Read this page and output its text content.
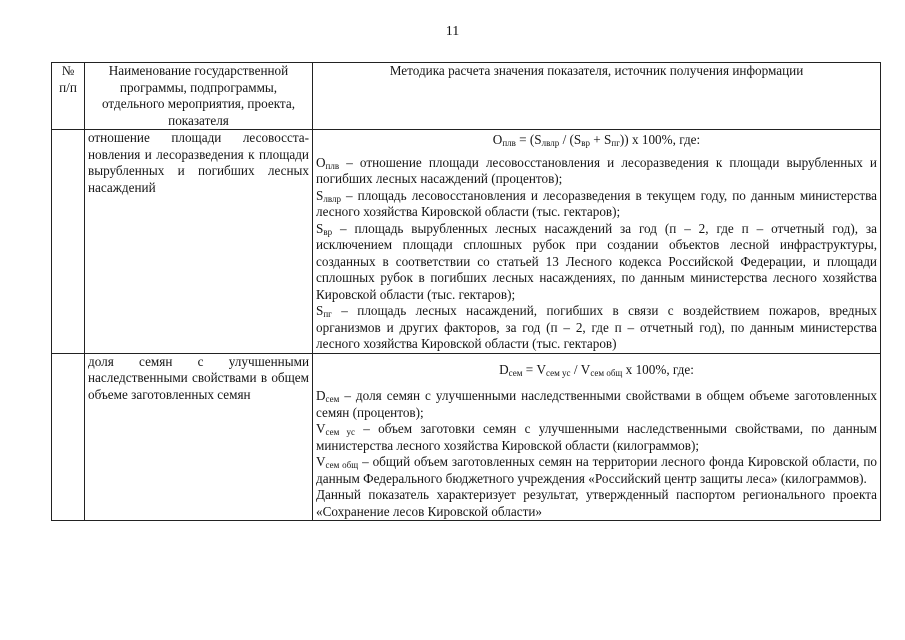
11
№ п/п	Наименование государственной программы, подпрограммы, отдельного мероприятия, проекта, показателя	Методика расчета значения показателя, источник получения информации
	отношение площади лесовосста-новления и лесоразведения к площади вырубленных и погибших лесных насаждений	$O_{плв} = (S_{лвлр} / (S_{вр} + S_{пг}))$ x 100%, где:

$O_{плв}$ – отношение площади лесовосстановления и лесоразведения к площади вырубленных и погибших лесных насаждений (процентов);

$S_{лвлр}$ – площадь лесовосстановления и лесоразведения в текущем году, по данным министерства лесного хозяйства Кировской области (тыс. гектаров);

$S_{вр}$ – площадь вырубленных лесных насаждений за год (п – 2, где п – отчетный год), за исключением площади сплошных рубок при создании объектов лесной инфраструктуры, созданных в соответствии со статьей 13 Лесного кодекса Российской Федерации, и площади сплошных рубок в погибших лесных насаждениях, по данным министерства лесного хозяйства Кировской области (тыс. гектаров);

$S_{пг}$ – площадь лесных насаждений, погибших в связи с воздействием пожаров, вредных организмов и других факторов, за год (п – 2, где п – отчетный год), по данным министерства лесного хозяйства Кировской области (тыс. гектаров)

	доля семян с улучшенными наследственными свойствами в общем объеме заготовленных семян	$D_{сем} = V_{сем ус} / V_{сем общ}$ x 100%, где:

$D_{сем}$ – доля семян с улучшенными наследственными свойствами в общем объеме заготовленных семян (процентов);

$V_{сем ус}$ – объем заготовки семян с улучшенными наследственными свойствами, по данным министерства лесного хозяйства Кировской области (килограммов);

$V_{сем общ}$ – общий объем заготовленных семян на территории лесного фонда Кировской области, по данным Федерального бюджетного учреждения «Российский центр защиты леса» (килограммов).

Данный показатель характеризует результат, утвержденный паспортом регионального проекта «Сохранение лесов Кировской области»
